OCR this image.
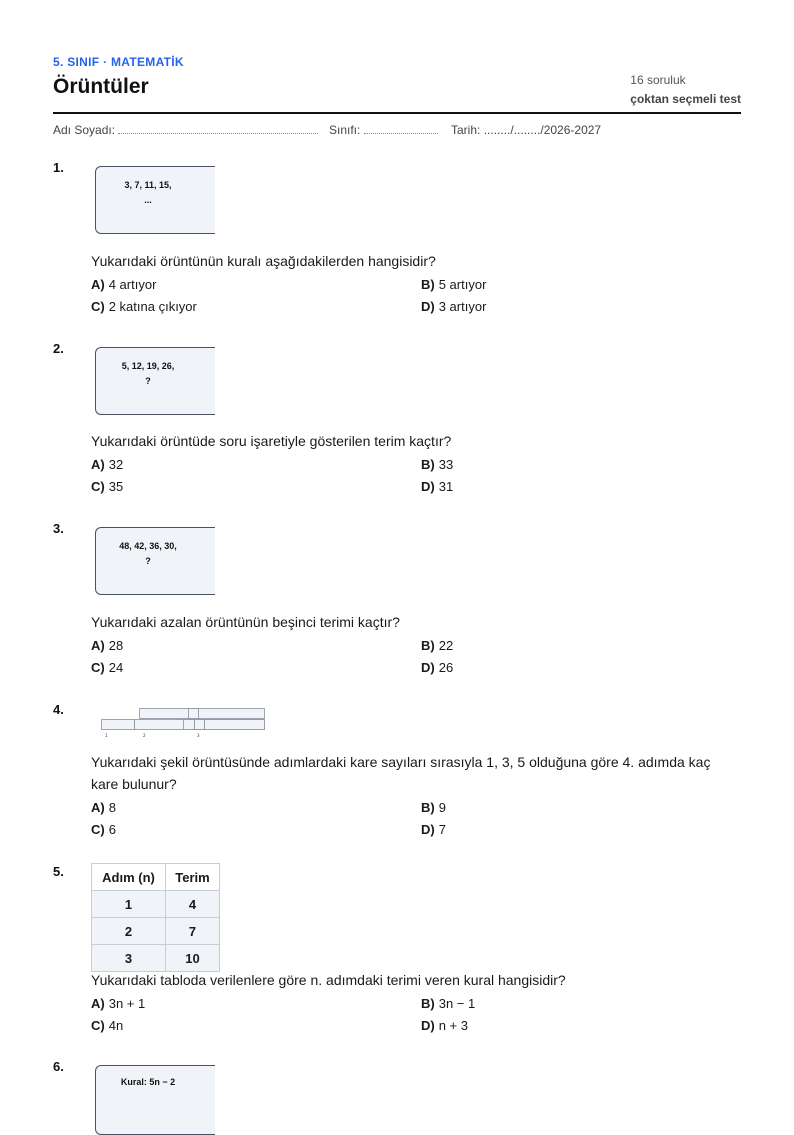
5. SINIF · MATEMATİK
Örüntüler	16 soruluk
çoktan seçmeli test
Adı Soyadı:	Sınıfı:	Tarih: ......../......../2026-2027
1.
3, 7, 11, 15,
...
Yukarıdaki örüntünün kuralı aşağıdakilerden hangisidir?
A) 4 artıyor	B) 5 artıyor
C) 2 katına çıkıyor	D) 3 artıyor
2.
5, 12, 19, 26,
?
Yukarıdaki örüntüde soru işaretiyle gösterilen terim kaçtır?
A) 32	B) 33
C) 35	D) 31
3.
48, 42, 36, 30,
?
Yukarıdaki azalan örüntünün beşinci terimi kaçtır?
A) 28	B) 22
C) 24	D) 26
4.
1	2	3
Yukarıdaki şekil örüntüsünde adımlardaki kare sayıları sırasıyla 1, 3, 5 olduğuna göre 4. adımda kaç kare bulunur?
A) 8	B) 9
C) 6	D) 7
5.	Adım (n)	Terim
1	4
2	7
3	10
Yukarıdaki tabloda verilenlere göre n. adımdaki terimi veren kural hangisidir?
A) 3n + 1	B) 3n − 1
C) 4n	D) n + 3
6.
Kural: 5n − 2
